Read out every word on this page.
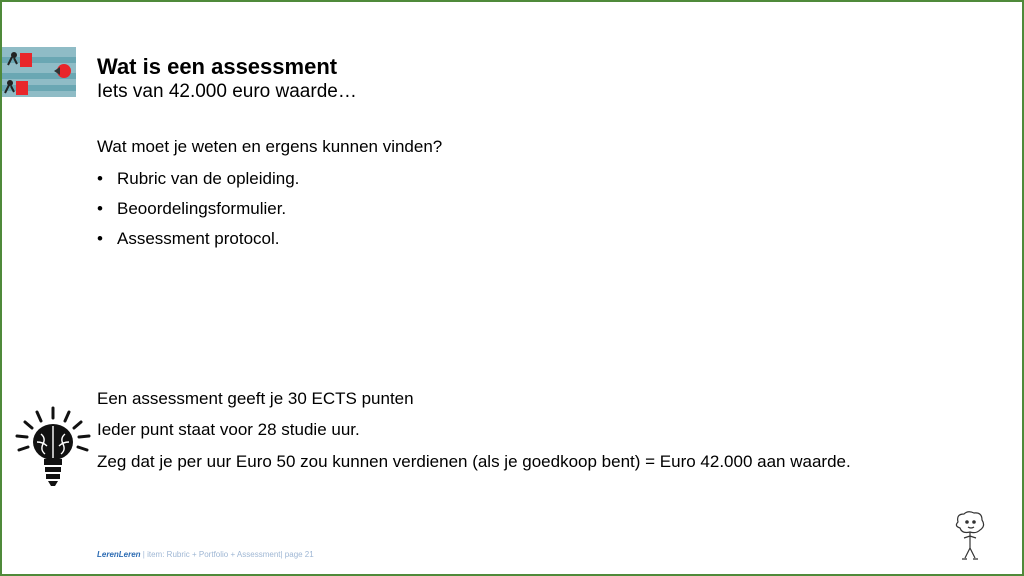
Wat is een assessment
Iets van 42.000 euro waarde…
Wat moet je weten en ergens kunnen vinden?
• Rubric van de opleiding.
• Beoordelingsformulier.
• Assessment protocol.
Een assessment geeft je 30 ECTS punten
Ieder punt staat voor 28 studie uur.
Zeg dat je per uur Euro 50 zou kunnen verdienen (als je goedkoop bent) = Euro 42.000 aan waarde.
LerenLeren | item: Rubric + Portfolio + Assessment| page 21
